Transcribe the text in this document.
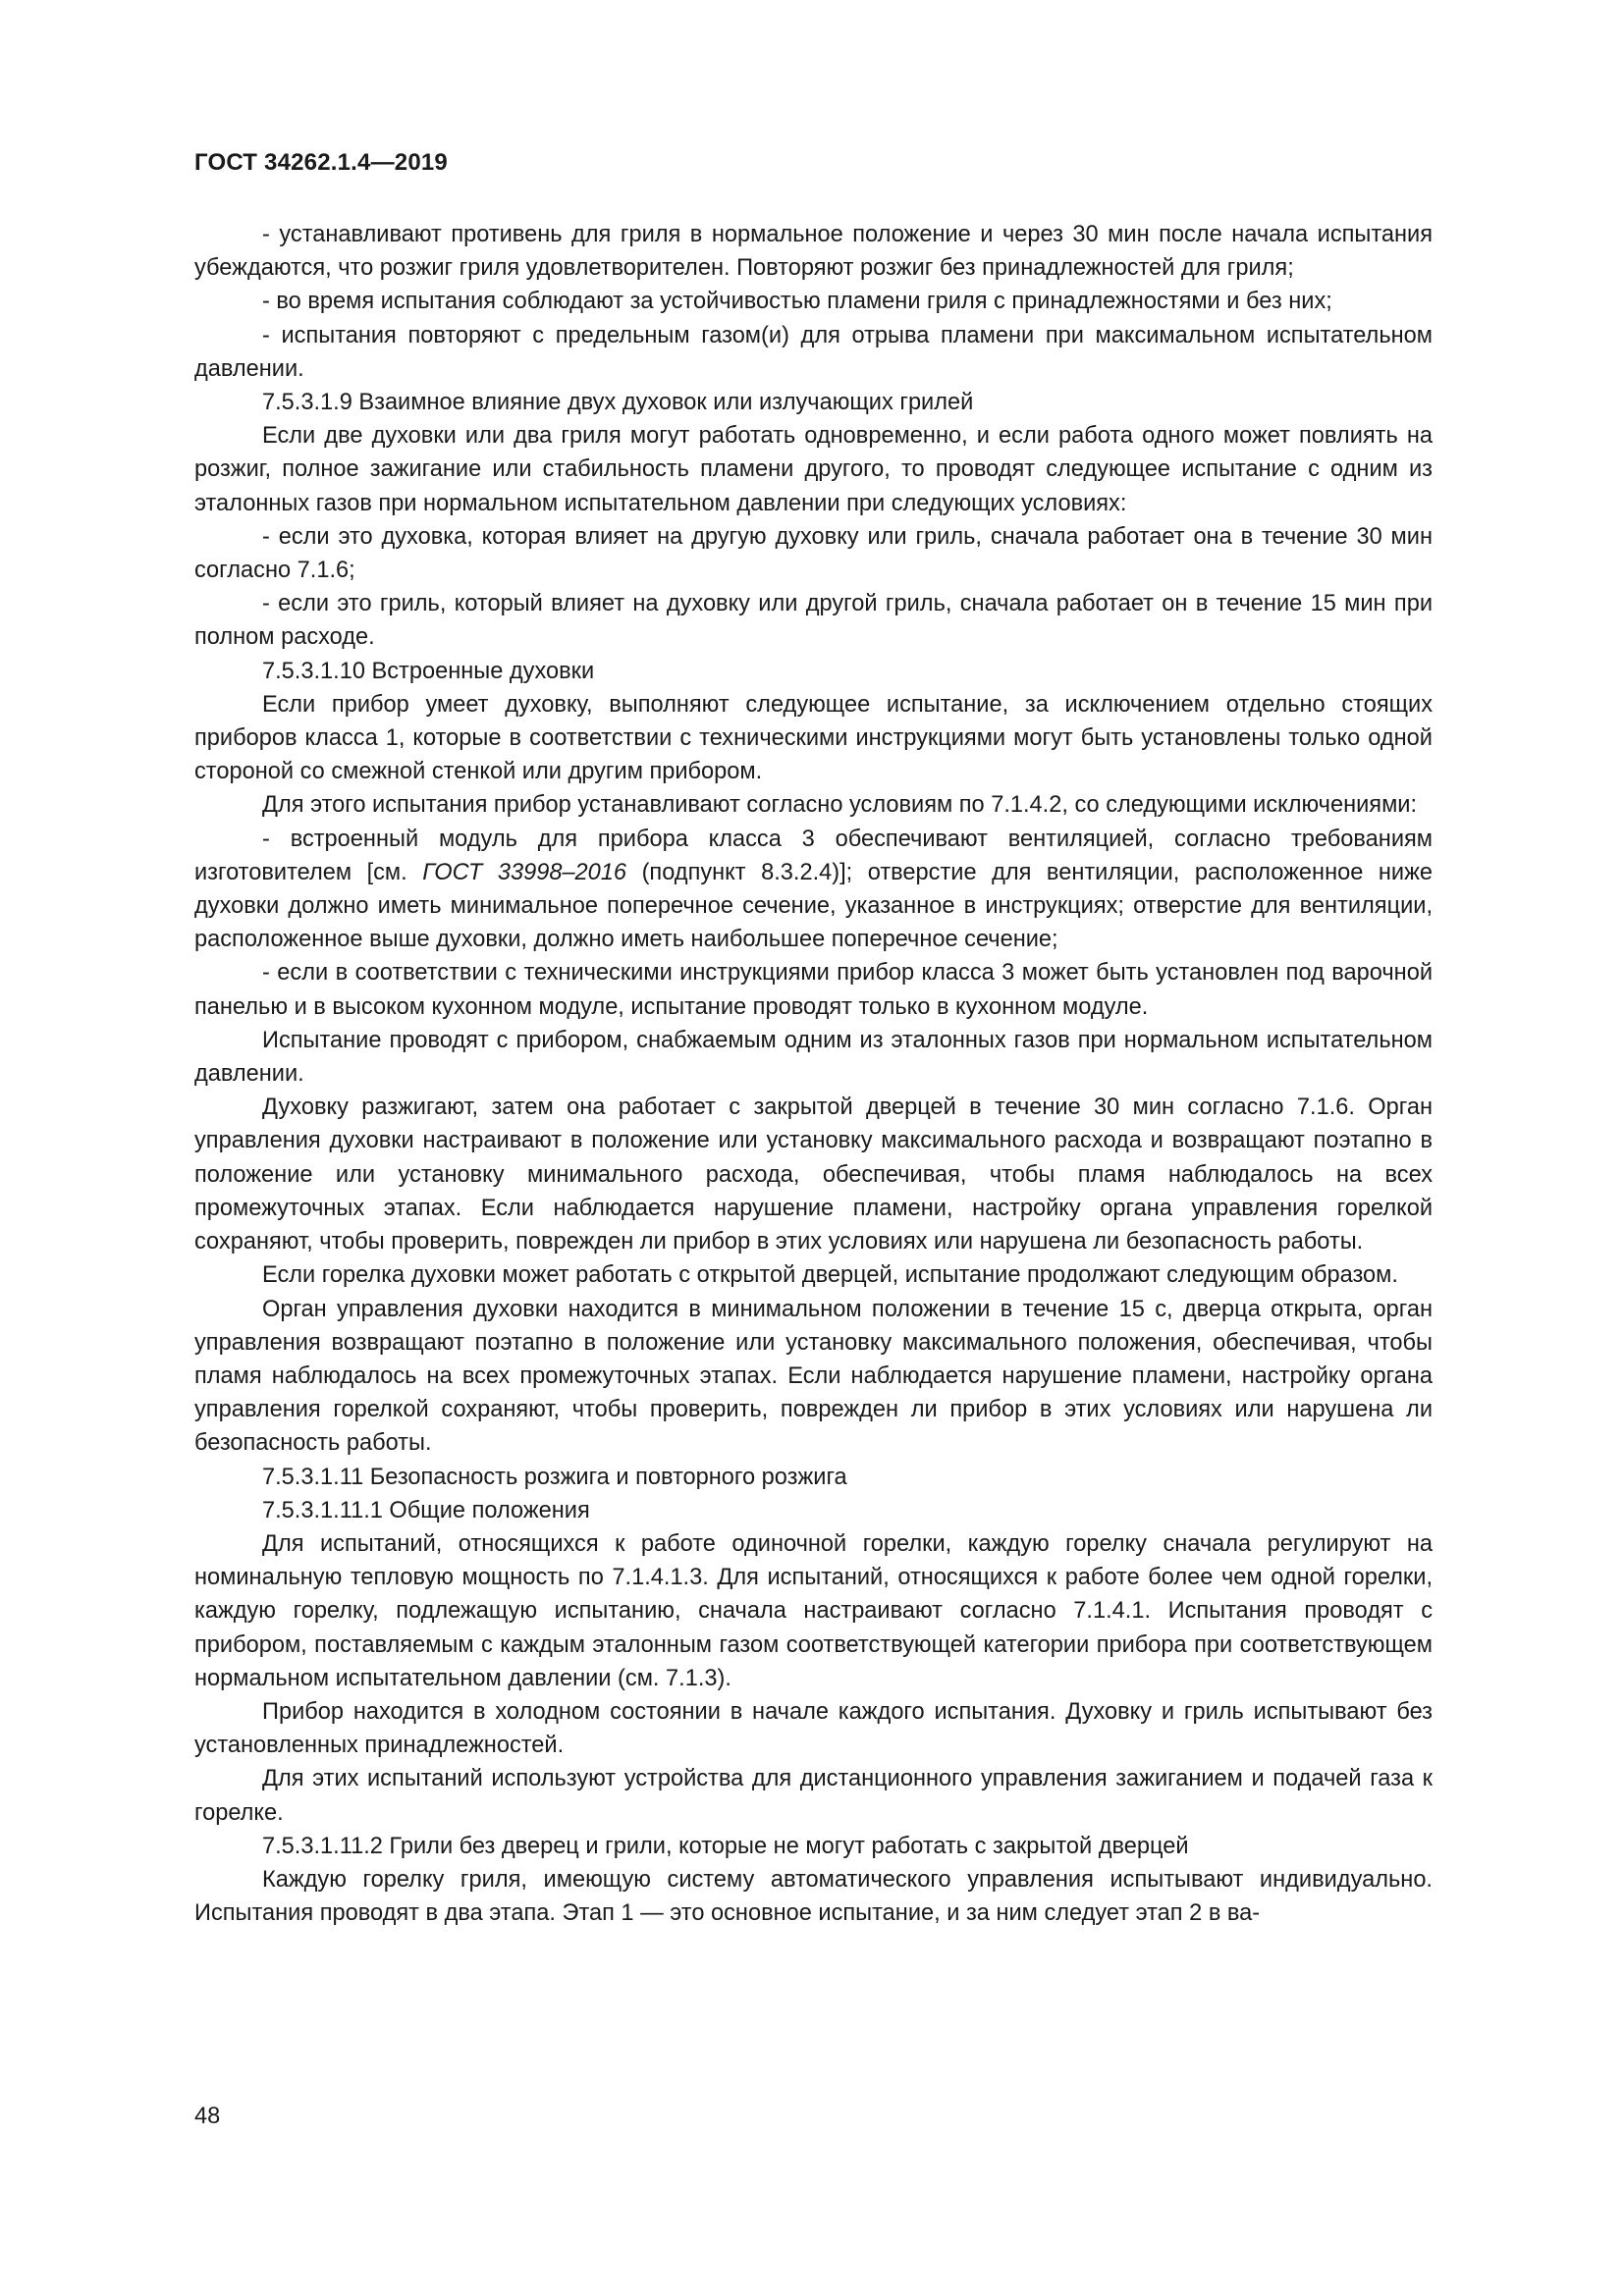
ГОСТ 34262.1.4—2019

- устанавливают противень для гриля в нормальное положение и через 30 мин после начала испытания убеждаются, что розжиг гриля удовлетворителен. Повторяют розжиг без принадлежностей для гриля;

- во время испытания соблюдают за устойчивостью пламени гриля с принадлежностями и без них;

- испытания повторяют с предельным газом(и) для отрыва пламени при максимальном испытательном давлении.

7.5.3.1.9 Взаимное влияние двух духовок или излучающих грилей

Если две духовки или два гриля могут работать одновременно, и если работа одного может повлиять на розжиг, полное зажигание или стабильность пламени другого, то проводят следующее испытание с одним из эталонных газов при нормальном испытательном давлении при следующих условиях:

- если это духовка, которая влияет на другую духовку или гриль, сначала работает она в течение 30 мин согласно 7.1.6;

- если это гриль, который влияет на духовку или другой гриль, сначала работает он в течение 15 мин при полном расходе.

7.5.3.1.10 Встроенные духовки

Если прибор умеет духовку, выполняют следующее испытание, за исключением отдельно стоящих приборов класса 1, которые в соответствии с техническими инструкциями могут быть установлены только одной стороной со смежной стенкой или другим прибором.

Для этого испытания прибор устанавливают согласно условиям по 7.1.4.2, со следующими исключениями:

- встроенный модуль для прибора класса 3 обеспечивают вентиляцией, согласно требованиям изготовителем [см. ГОСТ 33998–2016 (подпункт 8.3.2.4)]; отверстие для вентиляции, расположенное ниже духовки должно иметь минимальное поперечное сечение, указанное в инструкциях; отверстие для вентиляции, расположенное выше духовки, должно иметь наибольшее поперечное сечение;

- если в соответствии с техническими инструкциями прибор класса 3 может быть установлен под варочной панелью и в высоком кухонном модуле, испытание проводят только в кухонном модуле.

Испытание проводят с прибором, снабжаемым одним из эталонных газов при нормальном испытательном давлении.

Духовку разжигают, затем она работает с закрытой дверцей в течение 30 мин согласно 7.1.6. Орган управления духовки настраивают в положение или установку максимального расхода и возвращают поэтапно в положение или установку минимального расхода, обеспечивая, чтобы пламя наблюдалось на всех промежуточных этапах. Если наблюдается нарушение пламени, настройку органа управления горелкой сохраняют, чтобы проверить, поврежден ли прибор в этих условиях или нарушена ли безопасность работы.

Если горелка духовки может работать с открытой дверцей, испытание продолжают следующим образом.

Орган управления духовки находится в минимальном положении в течение 15 с, дверца открыта, орган управления возвращают поэтапно в положение или установку максимального положения, обеспечивая, чтобы пламя наблюдалось на всех промежуточных этапах. Если наблюдается нарушение пламени, настройку органа управления горелкой сохраняют, чтобы проверить, поврежден ли прибор в этих условиях или нарушена ли безопасность работы.

7.5.3.1.11 Безопасность розжига и повторного розжига

7.5.3.1.11.1 Общие положения

Для испытаний, относящихся к работе одиночной горелки, каждую горелку сначала регулируют на номинальную тепловую мощность по 7.1.4.1.3. Для испытаний, относящихся к работе более чем одной горелки, каждую горелку, подлежащую испытанию, сначала настраивают согласно 7.1.4.1. Испытания проводят с прибором, поставляемым с каждым эталонным газом соответствующей категории прибора при соответствующем нормальном испытательном давлении (см. 7.1.3).

Прибор находится в холодном состоянии в начале каждого испытания. Духовку и гриль испытывают без установленных принадлежностей.

Для этих испытаний используют устройства для дистанционного управления зажиганием и подачей газа к горелке.

7.5.3.1.11.2 Грили без дверец и грили, которые не могут работать с закрытой дверцей

Каждую горелку гриля, имеющую систему автоматического управления испытывают индивидуально. Испытания проводят в два этапа. Этап 1 — это основное испытание, и за ним следует этап 2 в ва-

48
